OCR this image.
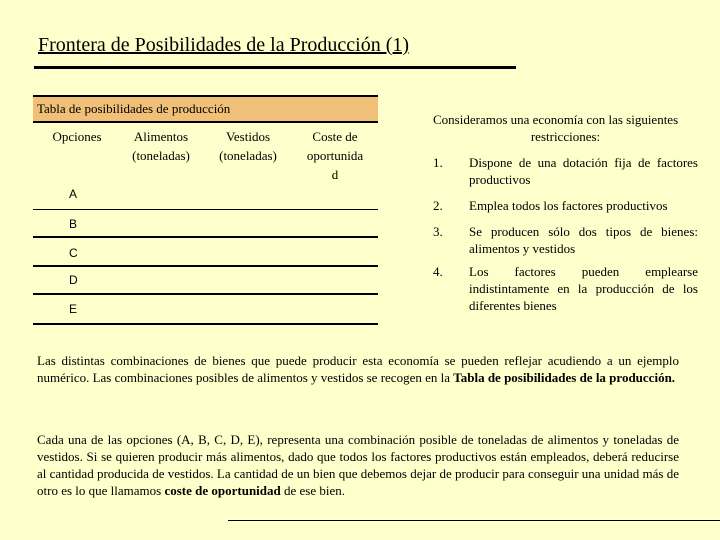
Frontera de Posibilidades de la Producción (1)
Tabla de posibilidades de producción
Opciones	Alimentos
(toneladas)
Vestidos
(toneladas)
Coste de
oportunida
d
A
B
C
D
E
Consideramos una economía con las siguientes
restricciones:
1. Dispone de una dotación fija de factores productivos
2. Emplea todos los factores productivos
3. Se producen sólo dos tipos de bienes: alimentos y vestidos
4. Los factores pueden emplearse indistintamente en la producción de los diferentes bienes
Las distintas combinaciones de bienes que puede producir esta economía se pueden reflejar acudiendo a un ejemplo numérico. Las combinaciones posibles de alimentos y vestidos se recogen en la Tabla de posibilidades de la producción.
Cada una de las opciones (A, B, C, D, E), representa una combinación posible de toneladas de alimentos y toneladas de vestidos. Si se quieren producir más alimentos, dado que todos los factores productivos están empleados, deberá reducirse al cantidad producida de vestidos. La cantidad de un bien que debemos dejar de producir para conseguir una unidad más de otro es lo que llamamos coste de oportunidad de ese bien.
